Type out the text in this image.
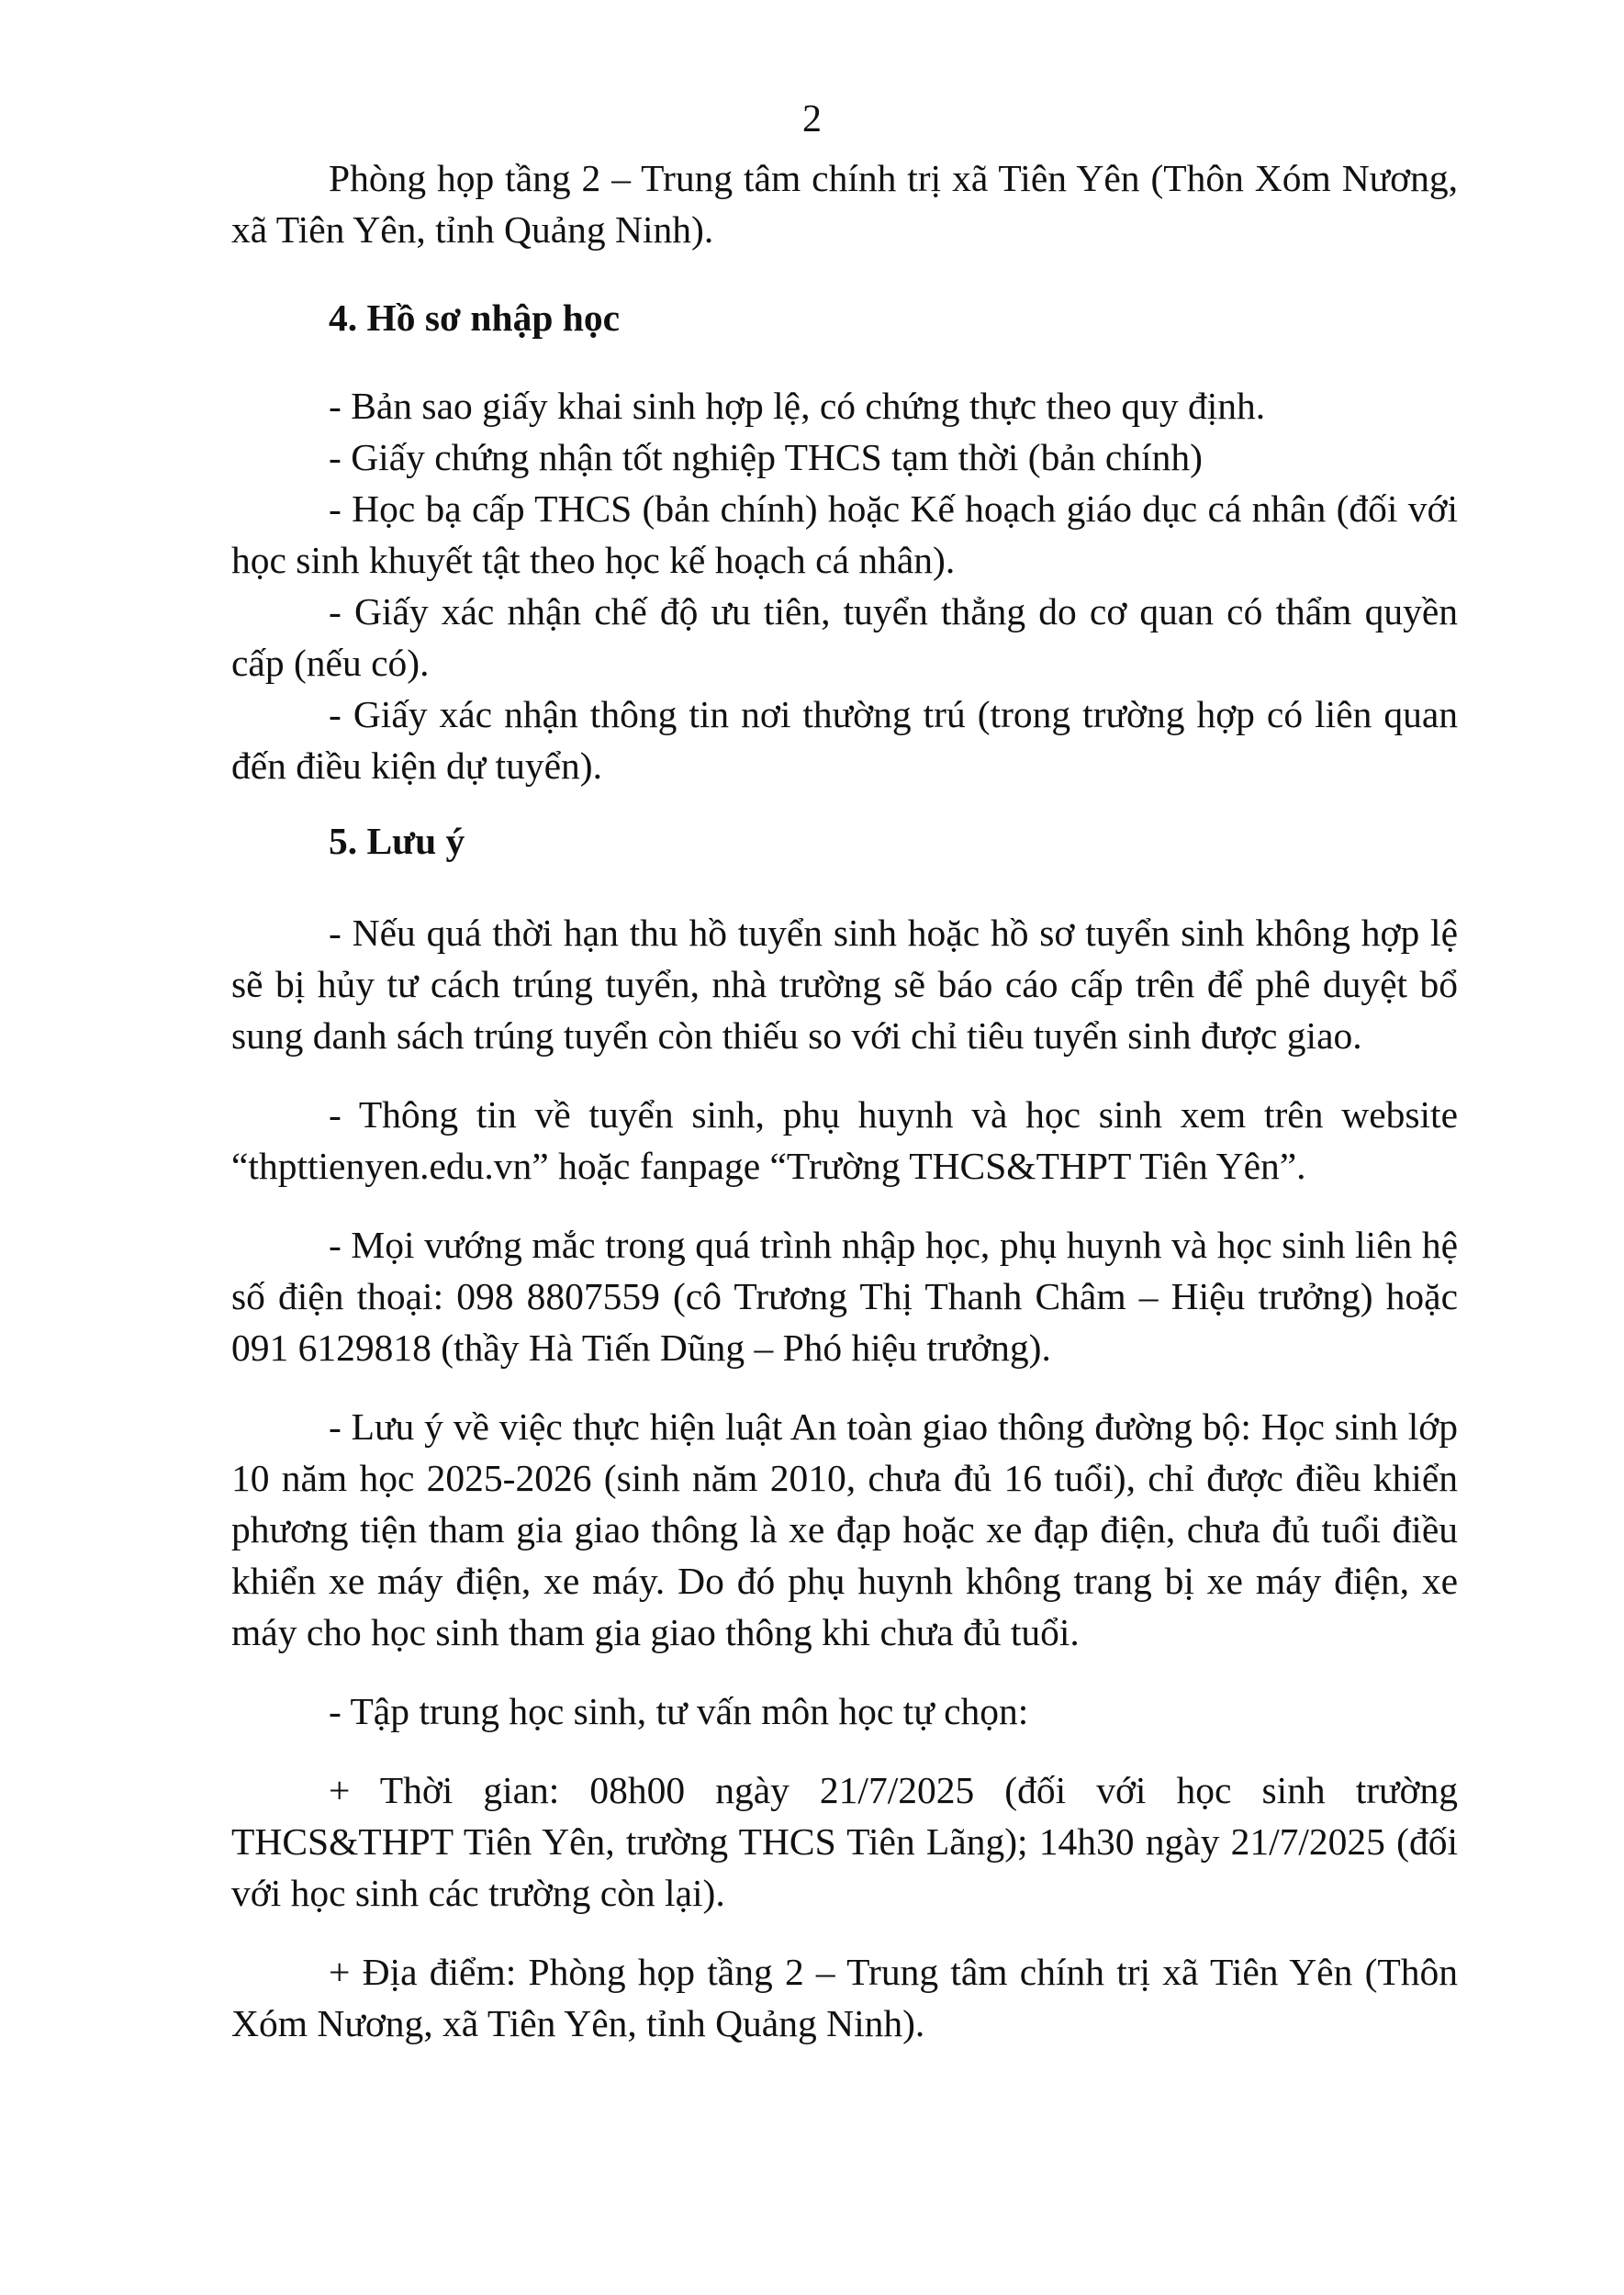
2

Phòng họp tầng 2 – Trung tâm chính trị xã Tiên Yên (Thôn Xóm Nương, xã Tiên Yên, tỉnh Quảng Ninh).

4. Hồ sơ nhập học

- Bản sao giấy khai sinh hợp lệ, có chứng thực theo quy định.

- Giấy chứng nhận tốt nghiệp THCS tạm thời (bản chính)

- Học bạ cấp THCS (bản chính) hoặc Kế hoạch giáo dục cá nhân (đối với học sinh khuyết tật theo học kế hoạch cá nhân).

- Giấy xác nhận chế độ ưu tiên, tuyển thẳng do cơ quan có thẩm quyền cấp (nếu có).

- Giấy xác nhận thông tin nơi thường trú (trong trường hợp có liên quan đến điều kiện dự tuyển).

5. Lưu ý

- Nếu quá thời hạn thu hồ tuyển sinh hoặc hồ sơ tuyển sinh không hợp lệ sẽ bị hủy tư cách trúng tuyển, nhà trường sẽ báo cáo cấp trên để phê duyệt bổ sung danh sách trúng tuyển còn thiếu so với chỉ tiêu tuyển sinh được giao.

- Thông tin về tuyển sinh, phụ huynh và học sinh xem trên website “thpttienyen.edu.vn” hoặc fanpage “Trường THCS&THPT Tiên Yên”.

- Mọi vướng mắc trong quá trình nhập học, phụ huynh và học sinh liên hệ số điện thoại: 098 8807559 (cô Trương Thị Thanh Châm – Hiệu trưởng) hoặc 091 6129818 (thầy Hà Tiến Dũng – Phó hiệu trưởng).

- Lưu ý về việc thực hiện luật An toàn giao thông đường bộ: Học sinh lớp 10 năm học 2025-2026 (sinh năm 2010, chưa đủ 16 tuổi), chỉ được điều khiển phương tiện tham gia giao thông là xe đạp hoặc xe đạp điện, chưa đủ tuổi điều khiển xe máy điện, xe máy. Do đó phụ huynh không trang bị xe máy điện, xe máy cho học sinh tham gia giao thông khi chưa đủ tuổi.

- Tập trung học sinh, tư vấn môn học tự chọn:

+ Thời gian: 08h00 ngày 21/7/2025 (đối với học sinh trường THCS&THPT Tiên Yên, trường THCS Tiên Lãng); 14h30 ngày 21/7/2025 (đối với học sinh các trường còn lại).

+ Địa điểm: Phòng họp tầng 2 – Trung tâm chính trị xã Tiên Yên (Thôn Xóm Nương, xã Tiên Yên, tỉnh Quảng Ninh).
